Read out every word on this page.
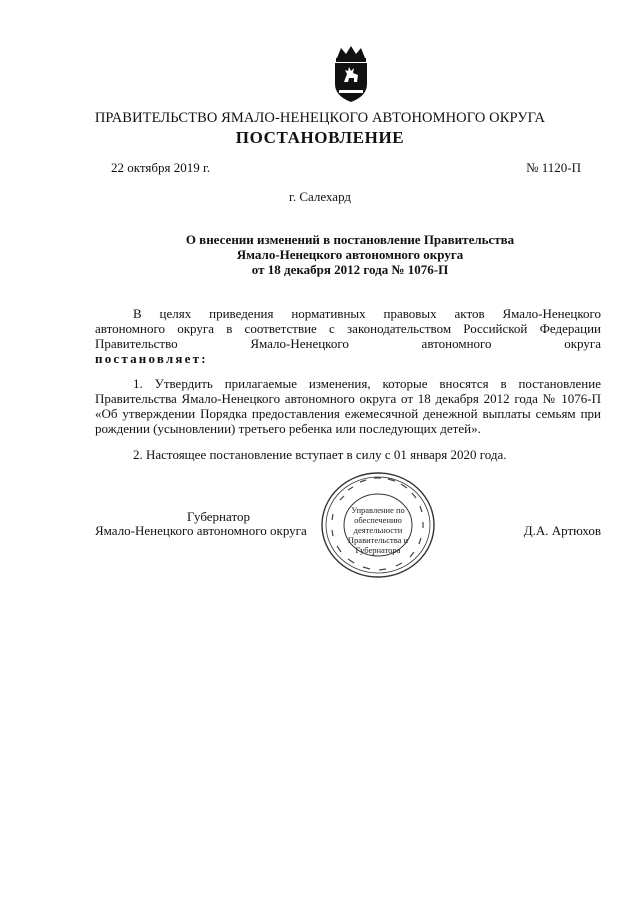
ПРАВИТЕЛЬСТВО ЯМАЛО-НЕНЕЦКОГО АВТОНОМНОГО ОКРУГА
ПОСТАНОВЛЕНИЕ
22 октября 2019 г.	№ 1120-П
г. Салехард
О внесении изменений в постановление Правительства
Ямало-Ненецкого автономного округа
от 18 декабря 2012 года № 1076-П
В целях приведения нормативных правовых актов Ямало-Ненецкого
автономного округа в соответствие с законодательством Российской Федерации
Правительство Ямало-Ненецкого автономного округа
постановляет:
1. Утвердить прилагаемые изменения, которые вносятся в постановление Правительства Ямало-Ненецкого автономного округа от 18 декабря 2012 года № 1076-П «Об утверждении Порядка предоставления ежемесячной денежной выплаты семьям при рождении (усыновлении) третьего ребенка или последующих детей».
2. Настоящее постановление вступает в силу с 01 января 2020 года.
Губернатор
Ямало-Ненецкого автономного округа	Д.А. Артюхов
Управление по обеспечению деятельности Правительства и Губернатора
